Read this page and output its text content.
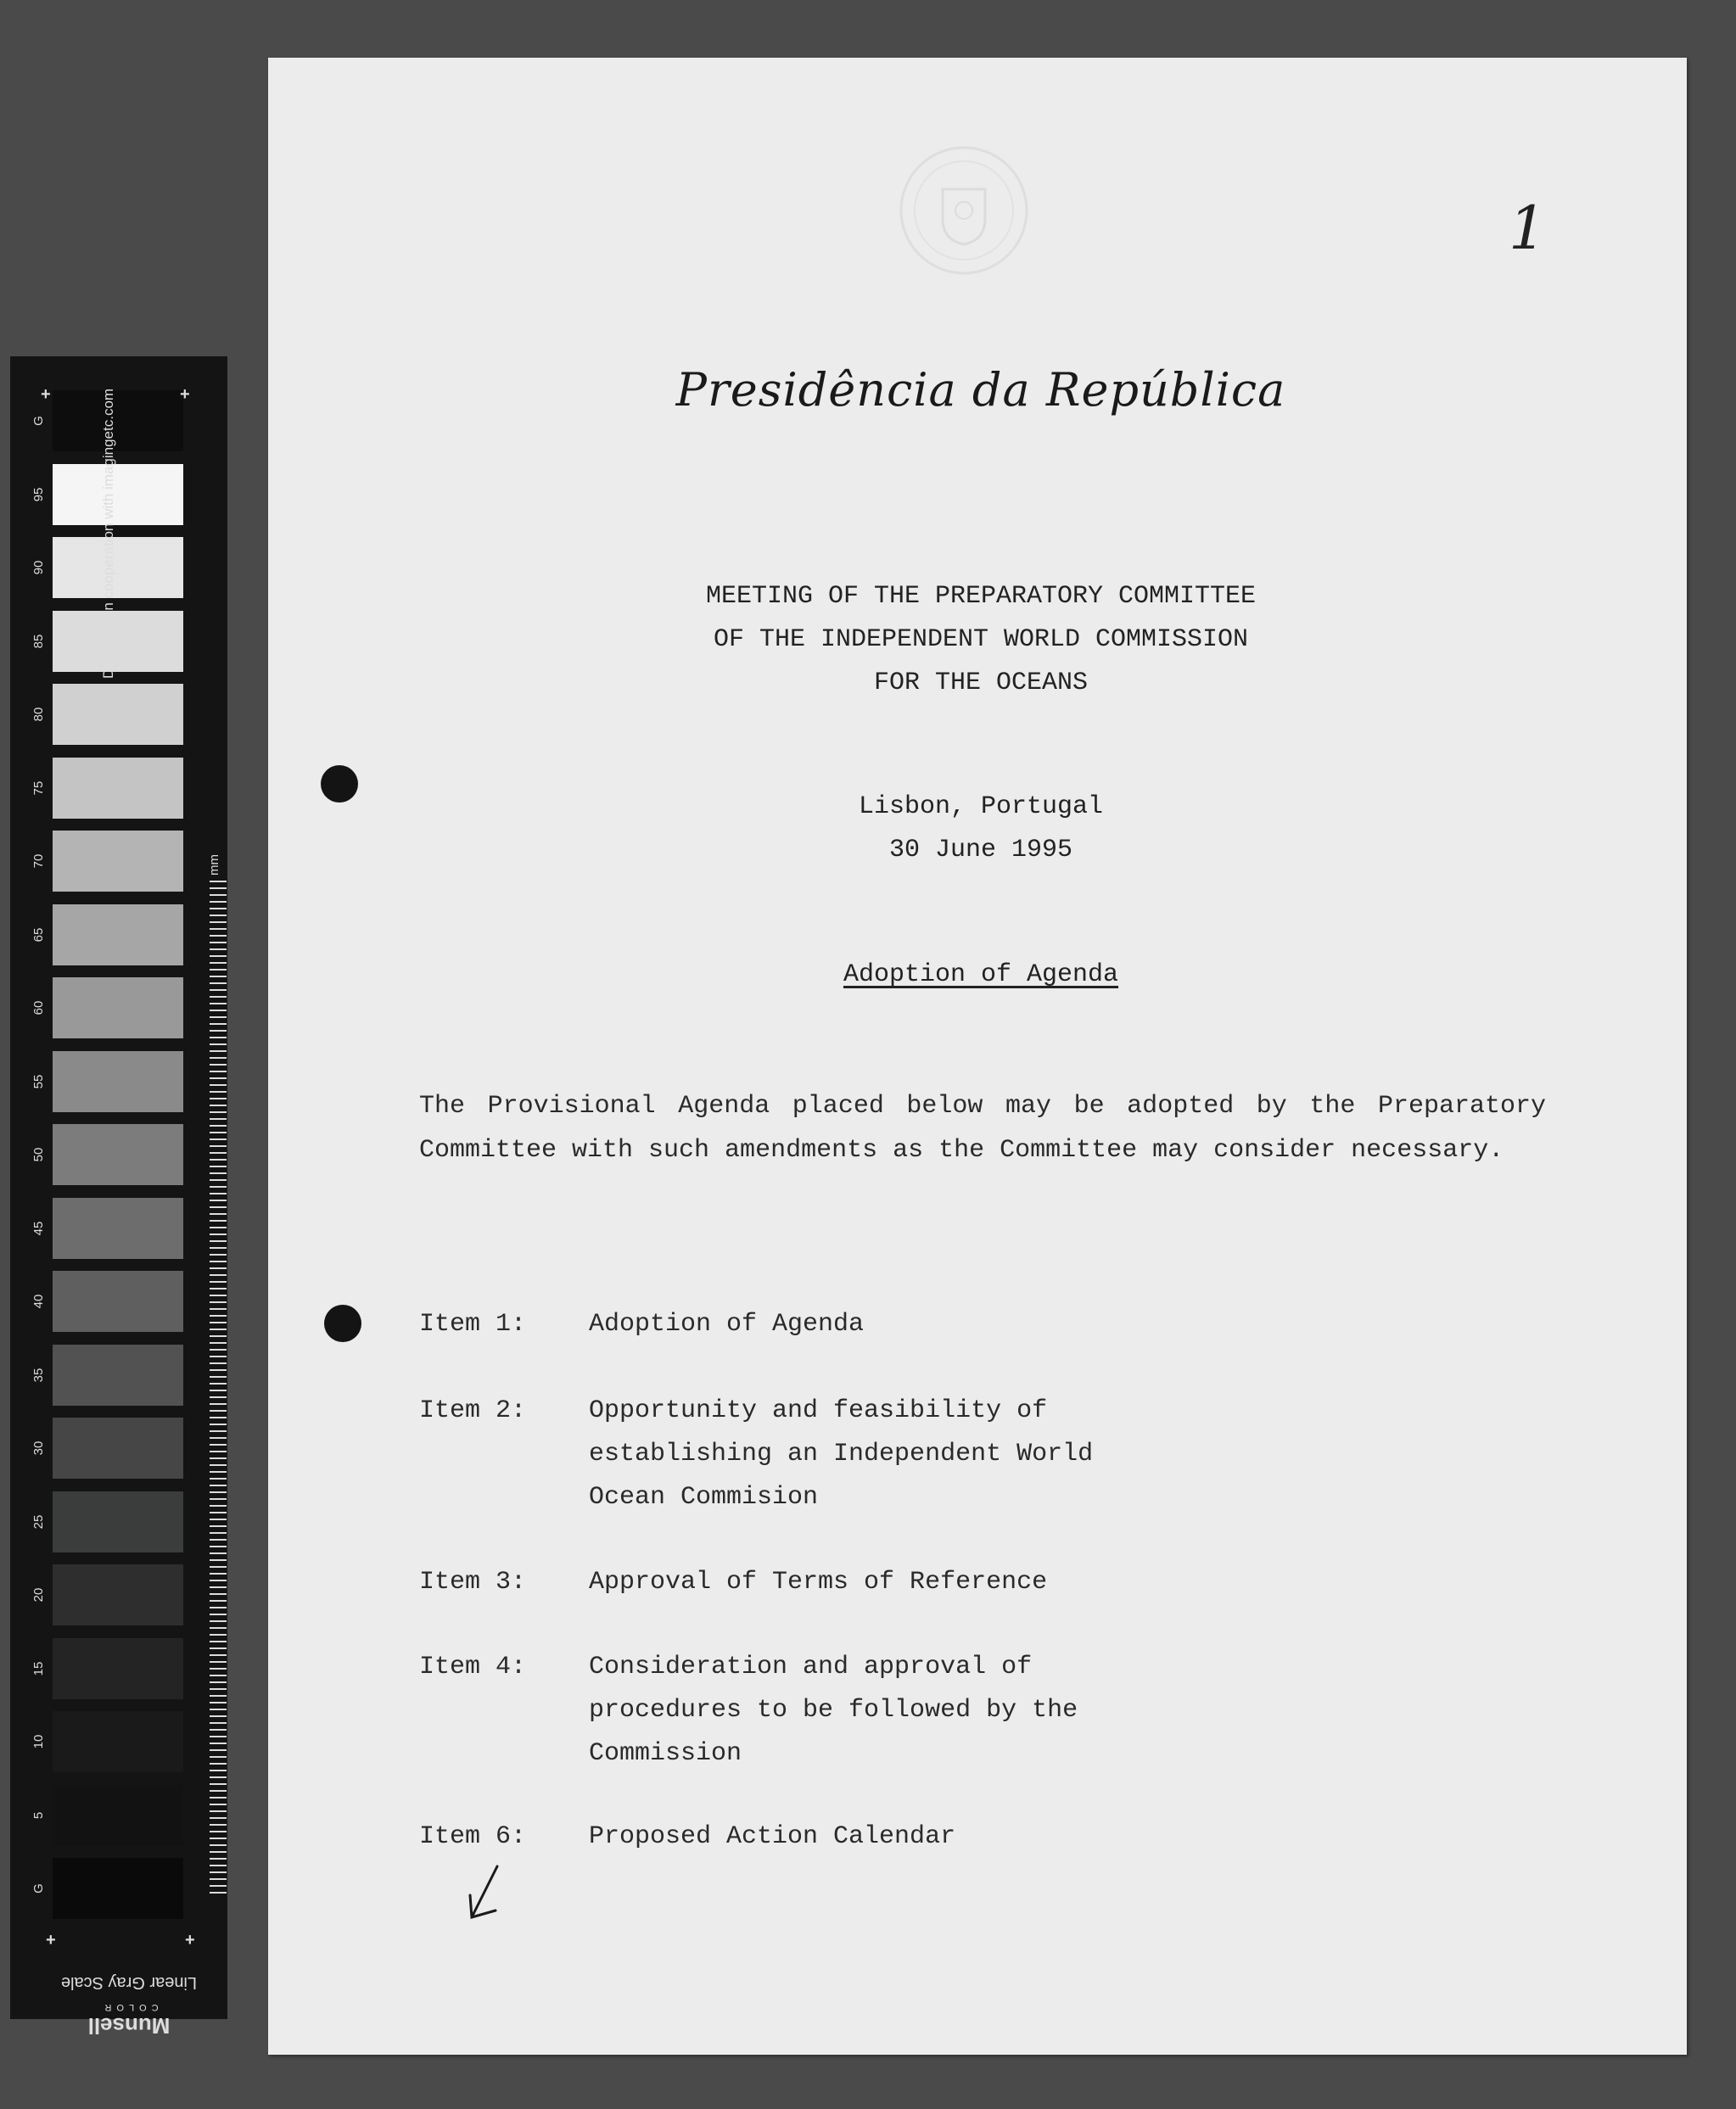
G
95
90
85
80
75
70
65
60
55
50
45
40
35
30
25
20
15
10
5
G
+	+
+	+
Designed in cooperation with imagingetc.com
mm
Linear Gray Scale
Munsell
COLOR
1
Presidência da República
MEETING OF THE PREPARATORY COMMITTEE
OF THE INDEPENDENT WORLD COMMISSION
FOR THE OCEANS
Lisbon, Portugal
30 June 1995
Adoption of Agenda
The Provisional Agenda placed below may be adopted by the Preparatory Committee with such amendments as the Committee may consider necessary.
Item 1: Adoption of Agenda
Item 2: Opportunity and feasibility of establishing an Independent World Ocean Commision
Item 3: Approval of Terms of Reference
Item 4: Consideration and approval of procedures to be followed by the Commission
Item 6: Proposed Action Calendar
